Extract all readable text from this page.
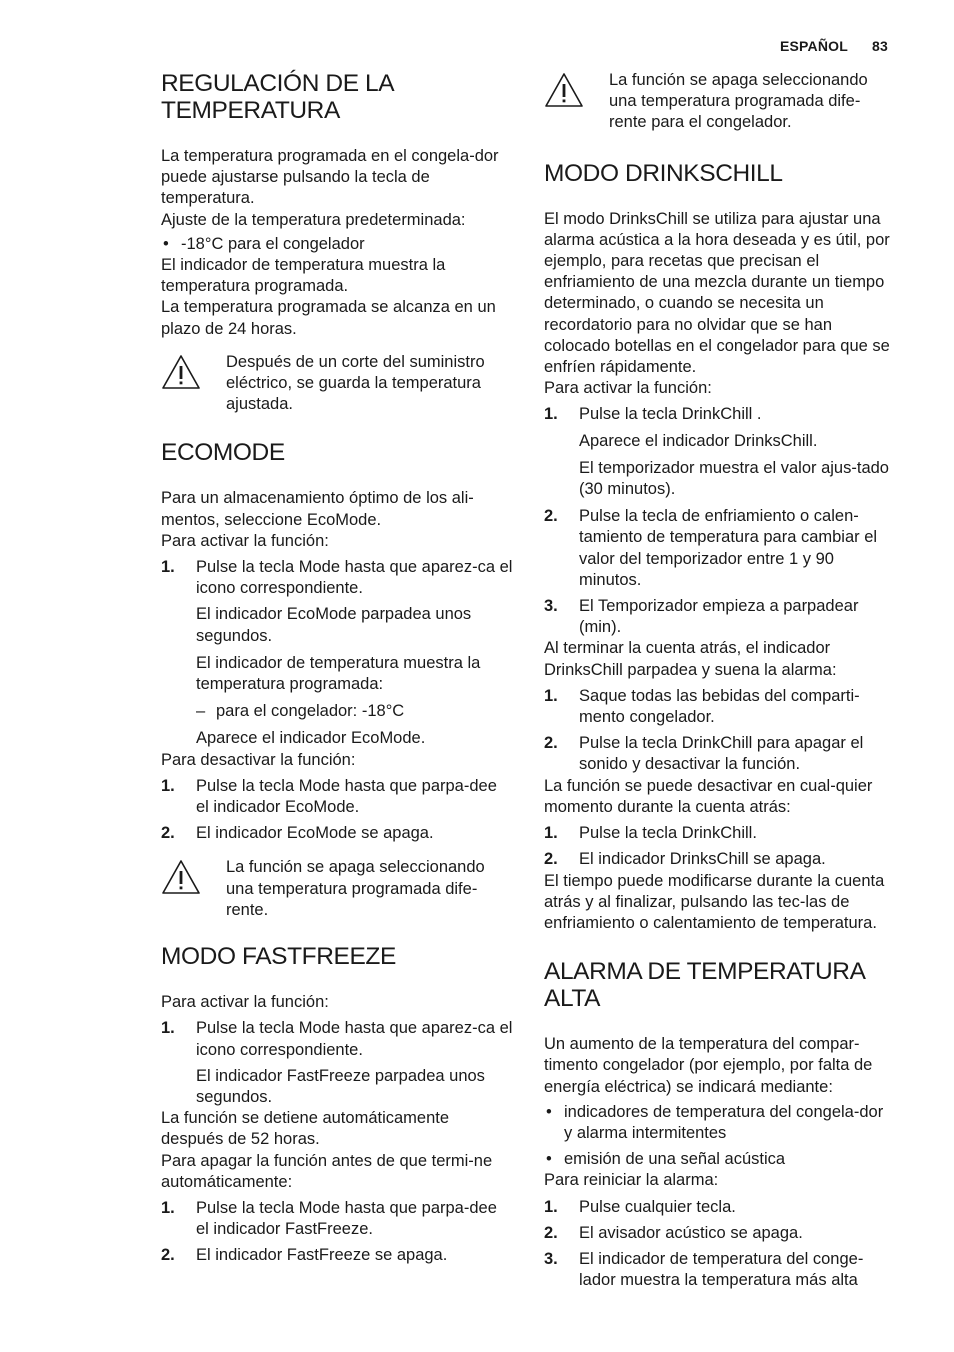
ESPAÑOL 83
REGULACIÓN DE LA
TEMPERATURA

La temperatura programada en el congela-dor puede ajustarse pulsando la tecla de temperatura.

Ajuste de la temperatura predeterminada:

• -18°C para el congelador

El indicador de temperatura muestra la temperatura programada.

La temperatura programada se alcanza en un plazo de 24 horas.

Después de un corte del suministro eléctrico, se guarda la temperatura ajustada.
ECOMODE

Para un almacenamiento óptimo de los ali-mentos, seleccione EcoMode.

Para activar la función:

1. Pulse la tecla Mode hasta que aparez-ca el icono correspondiente.

El indicador EcoMode parpadea unos segundos.

El indicador de temperatura muestra la temperatura programada:

– para el congelador: -18°C

Aparece el indicador EcoMode.

Para desactivar la función:

1. Pulse la tecla Mode hasta que parpa-dee el indicador EcoMode.
2. El indicador EcoMode se apaga.
La función se apaga seleccionando una temperatura programada dife-rente.
MODO FASTFREEZE

Para activar la función:

1. Pulse la tecla Mode hasta que aparez-ca el icono correspondiente.

El indicador FastFreeze parpadea unos segundos.

La función se detiene automáticamente después de 52 horas.

Para apagar la función antes de que termi-ne automáticamente:

1. Pulse la tecla Mode hasta que parpa-dee el indicador FastFreeze.
2. El indicador FastFreeze se apaga.
La función se apaga seleccionando una temperatura programada dife-rente para el congelador.
MODO DRINKSCHILL

El modo DrinksChill se utiliza para ajustar una alarma acústica a la hora deseada y es útil, por ejemplo, para recetas que precisan el enfriamiento de una mezcla durante un tiempo determinado, o cuando se necesita un recordatorio para no olvidar que se han colocado botellas en el congelador para que se enfríen rápidamente.

Para activar la función:

1. Pulse la tecla DrinkChill .

Aparece el indicador DrinksChill.

El temporizador muestra el valor ajus-tado (30 minutos).

2. Pulse la tecla de enfriamiento o calen-tamiento de temperatura para cambiar el valor del temporizador entre 1 y 90 minutos.
3. El Temporizador empieza a parpadear (min).

Al terminar la cuenta atrás, el indicador DrinksChill parpadea y suena la alarma:

1. Saque todas las bebidas del comparti-mento congelador.
2. Pulse la tecla DrinkChill para apagar el sonido y desactivar la función.

La función se puede desactivar en cual-quier momento durante la cuenta atrás:

1. Pulse la tecla DrinkChill.
2. El indicador DrinksChill se apaga.

El tiempo puede modificarse durante la cuenta atrás y al finalizar, pulsando las tec-las de enfriamiento o calentamiento de temperatura.

ALARMA DE TEMPERATURA
ALTA

Un aumento de la temperatura del compar-timento congelador (por ejemplo, por falta de energía eléctrica) se indicará mediante:

• indicadores de temperatura del congela-dor y alarma intermitentes
• emisión de una señal acústica

Para reiniciar la alarma:

1. Pulse cualquier tecla.
2. El avisador acústico se apaga.
3. El indicador de temperatura del conge-lador muestra la temperatura más alta
